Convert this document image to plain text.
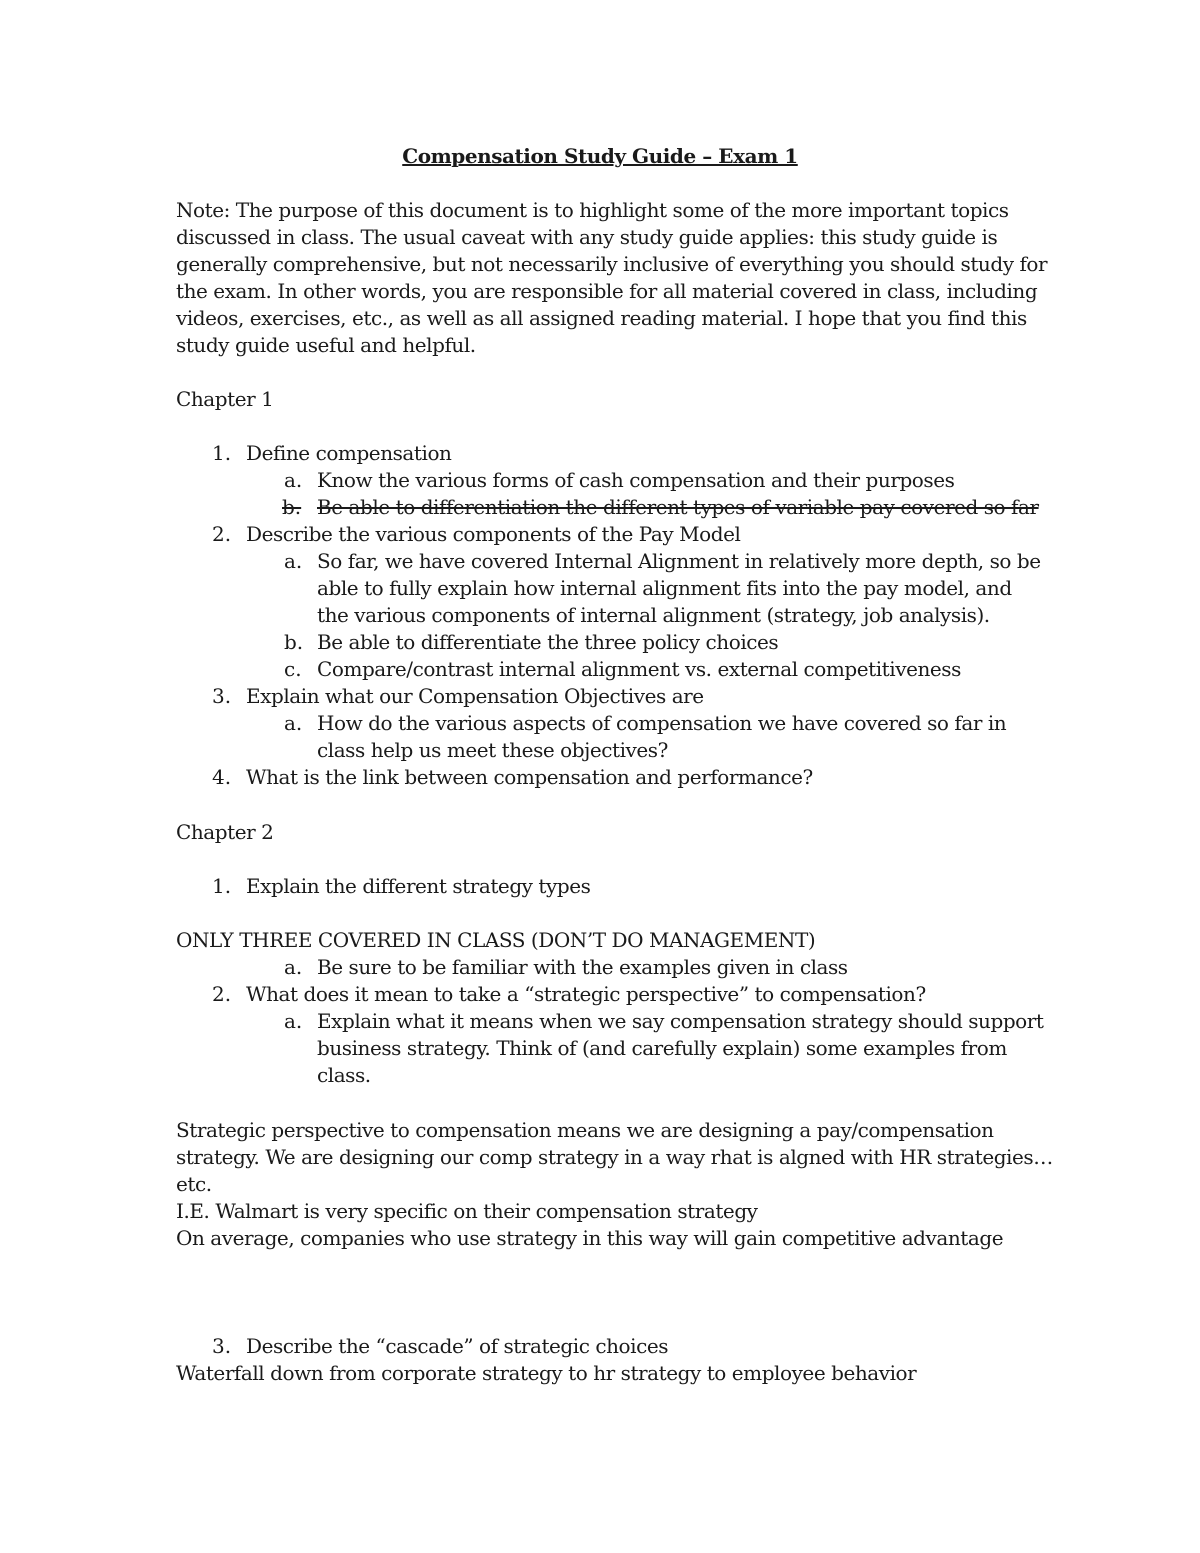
Compensation Study Guide – Exam 1
Note: The purpose of this document is to highlight some of the more important topics
discussed in class. The usual caveat with any study guide applies: this study guide is
generally comprehensive, but not necessarily inclusive of everything you should study for
the exam. In other words, you are responsible for all material covered in class, including
videos, exercises, etc., as well as all assigned reading material. I hope that you find this
study guide useful and helpful.
Chapter 1
1. Define compensation
a. Know the various forms of cash compensation and their purposes
b. Be able to differentiation the different types of variable pay covered so far
2. Describe the various components of the Pay Model
a. So far, we have covered Internal Alignment in relatively more depth, so be
able to fully explain how internal alignment fits into the pay model, and
the various components of internal alignment (strategy, job analysis).
b. Be able to differentiate the three policy choices
c. Compare/contrast internal alignment vs. external competitiveness
3. Explain what our Compensation Objectives are
a. How do the various aspects of compensation we have covered so far in
class help us meet these objectives?
4. What is the link between compensation and performance?
Chapter 2
1. Explain the different strategy types
ONLY THREE COVERED IN CLASS (DON’T DO MANAGEMENT)
a. Be sure to be familiar with the examples given in class
2. What does it mean to take a “strategic perspective” to compensation?
a. Explain what it means when we say compensation strategy should support
business strategy. Think of (and carefully explain) some examples from
class.
Strategic perspective to compensation means we are designing a pay/compensation
strategy. We are designing our comp strategy in a way rhat is algned with HR strategies…
etc.
I.E. Walmart is very specific on their compensation strategy
On average, companies who use strategy in this way will gain competitive advantage
3. Describe the “cascade” of strategic choices
Waterfall down from corporate strategy to hr strategy to employee behavior
